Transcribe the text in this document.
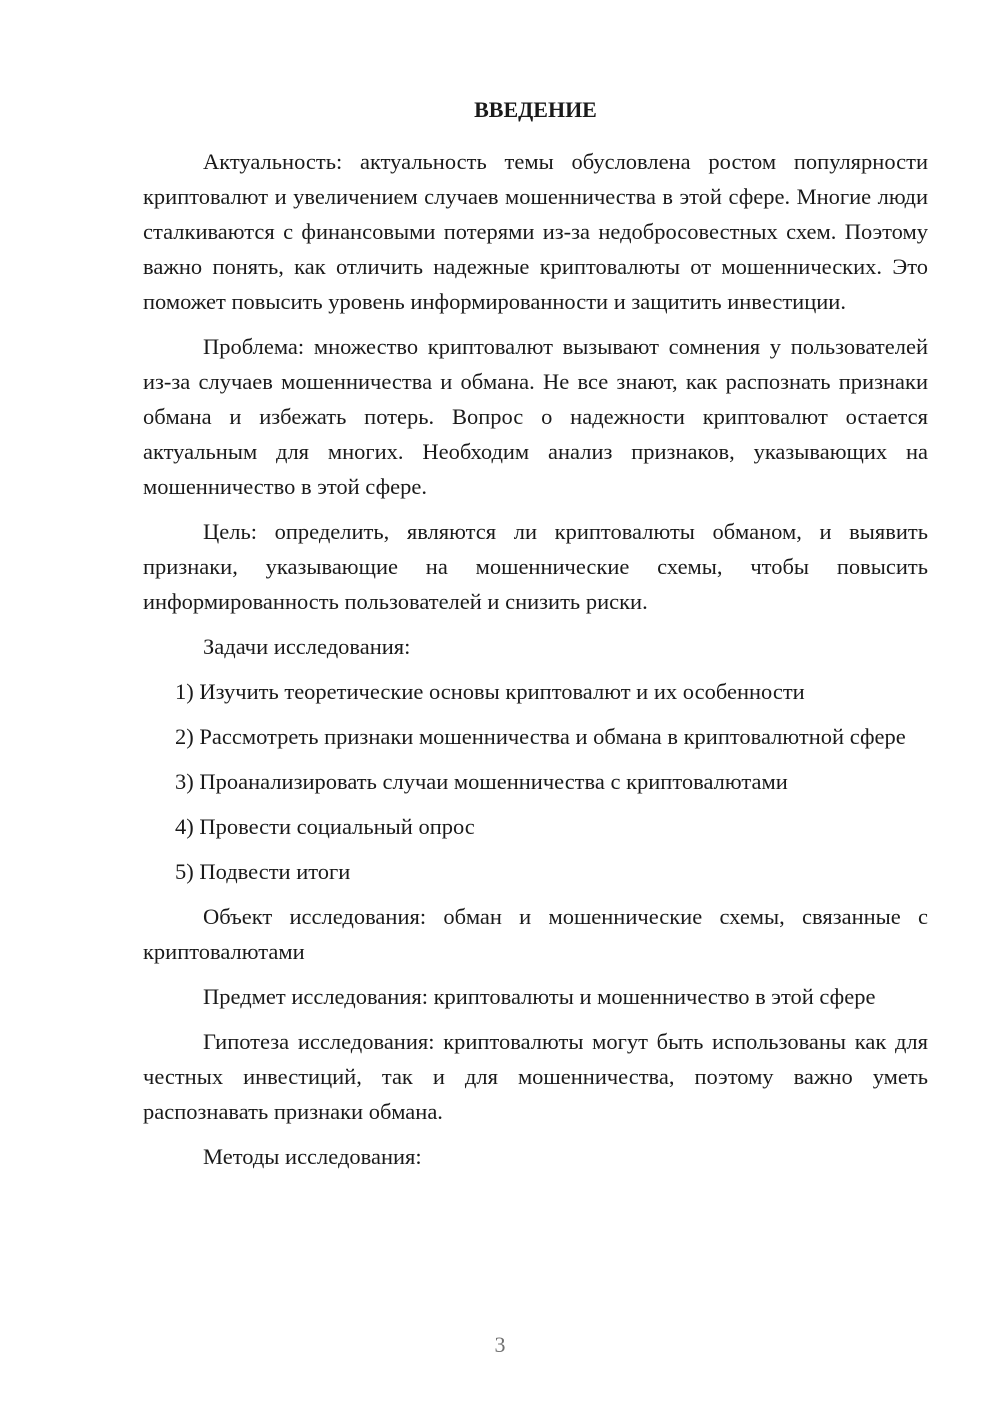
ВВЕДЕНИЕ

Актуальность: актуальность темы обусловлена ростом популярности криптовалют и увеличением случаев мошенничества в этой сфере. Многие люди сталкиваются с финансовыми потерями из-за недобросовестных схем. Поэтому важно понять, как отличить надежные криптовалюты от мошеннических. Это поможет повысить уровень информированности и защитить инвестиции.

Проблема: множество криптовалют вызывают сомнения у пользователей из-за случаев мошенничества и обмана. Не все знают, как распознать признаки обмана и избежать потерь. Вопрос о надежности криптовалют остается актуальным для многих. Необходим анализ признаков, указывающих на мошенничество в этой сфере.

Цель: определить, являются ли криптовалюты обманом, и выявить признаки, указывающие на мошеннические схемы, чтобы повысить информированность пользователей и снизить риски.

Задачи исследования:

1) Изучить теоретические основы криптовалют и их особенности

2) Рассмотреть признаки мошенничества и обмана в криптовалютной сфере

3) Проанализировать случаи мошенничества с криптовалютами

4) Провести социальный опрос

5) Подвести итоги

Объект исследования: обман и мошеннические схемы, связанные с криптовалютами

Предмет исследования: криптовалюты и мошенничество в этой сфере

Гипотеза исследования: криптовалюты могут быть использованы как для честных инвестиций, так и для мошенничества, поэтому важно уметь распознавать признаки обмана.

Методы исследования:

3
